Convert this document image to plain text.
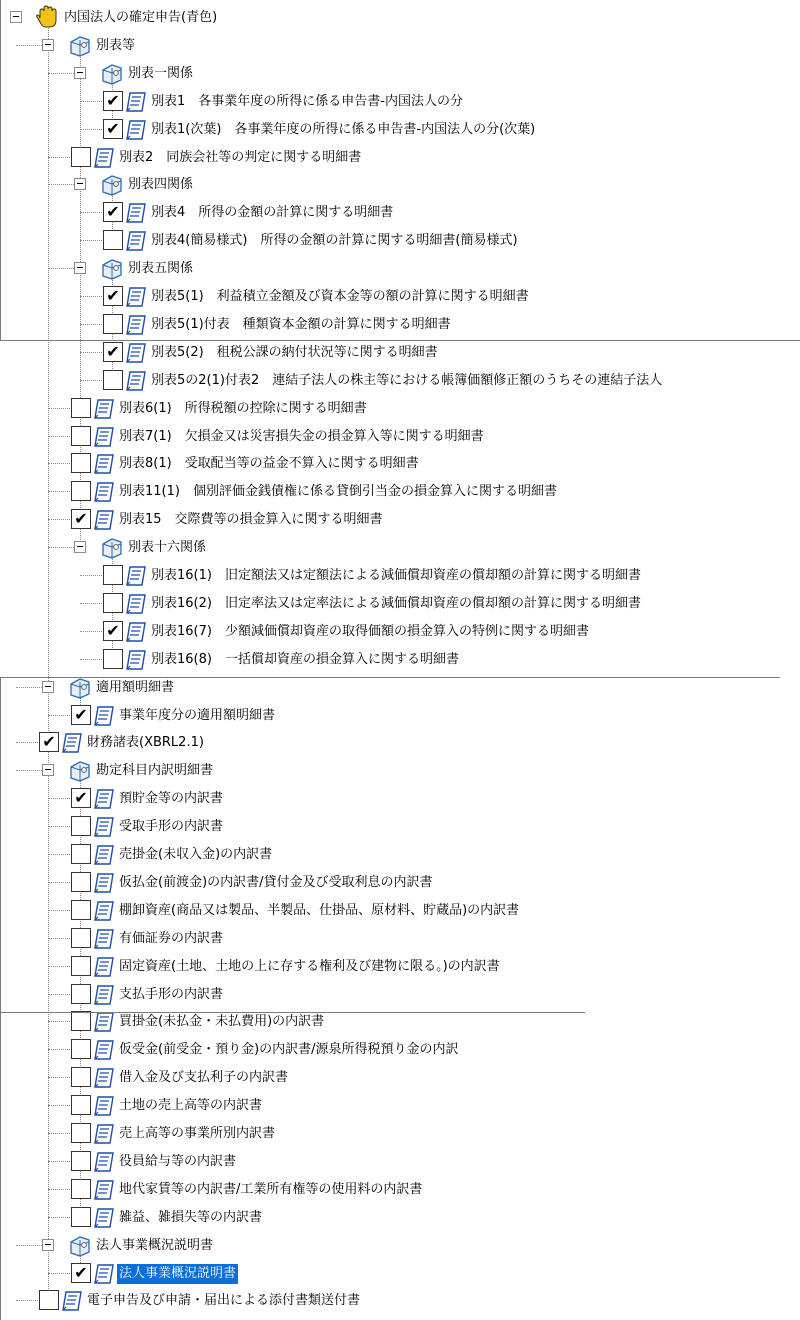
内国法人の確定申告(青色)
別表等
別表一関係
✔ 別表1　各事業年度の所得に係る申告書-内国法人の分
✔ 別表1(次葉)　各事業年度の所得に係る申告書-内国法人の分(次葉)
別表2　同族会社等の判定に関する明細書
別表四関係
✔ 別表4　所得の金額の計算に関する明細書
別表4(簡易様式)　所得の金額の計算に関する明細書(簡易様式)
別表五関係
✔ 別表5(1)　利益積立金額及び資本金等の額の計算に関する明細書
別表5(1)付表　種類資本金額の計算に関する明細書
✔ 別表5(2)　租税公課の納付状況等に関する明細書
別表5の2(1)付表2　連結子法人の株主等における帳簿価額修正額のうちその連結子法人
別表6(1)　所得税額の控除に関する明細書
別表7(1)　欠損金又は災害損失金の損金算入等に関する明細書
別表8(1)　受取配当等の益金不算入に関する明細書
別表11(1)　個別評価金銭債権に係る貸倒引当金の損金算入に関する明細書
✔ 別表15　交際費等の損金算入に関する明細書
別表十六関係
別表16(1)　旧定額法又は定額法による減価償却資産の償却額の計算に関する明細書
別表16(2)　旧定率法又は定率法による減価償却資産の償却額の計算に関する明細書
✔ 別表16(7)　少額減価償却資産の取得価額の損金算入の特例に関する明細書
別表16(8)　一括償却資産の損金算入に関する明細書
適用額明細書
✔ 事業年度分の適用額明細書
✔ 財務諸表(XBRL2.1)
勘定科目内訳明細書
✔ 預貯金等の内訳書
受取手形の内訳書
売掛金(未収入金)の内訳書
仮払金(前渡金)の内訳書/貸付金及び受取利息の内訳書
棚卸資産(商品又は製品、半製品、仕掛品、原材料、貯蔵品)の内訳書
有価証券の内訳書
固定資産(土地、土地の上に存する権利及び建物に限る。)の内訳書
支払手形の内訳書
買掛金(未払金・未払費用)の内訳書
仮受金(前受金・預り金)の内訳書/源泉所得税預り金の内訳
借入金及び支払利子の内訳書
土地の売上高等の内訳書
売上高等の事業所別内訳書
役員給与等の内訳書
地代家賃等の内訳書/工業所有権等の使用料の内訳書
雑益、雑損失等の内訳書
法人事業概況説明書
✔ 法人事業概況説明書
電子申告及び申請・届出による添付書類送付書
